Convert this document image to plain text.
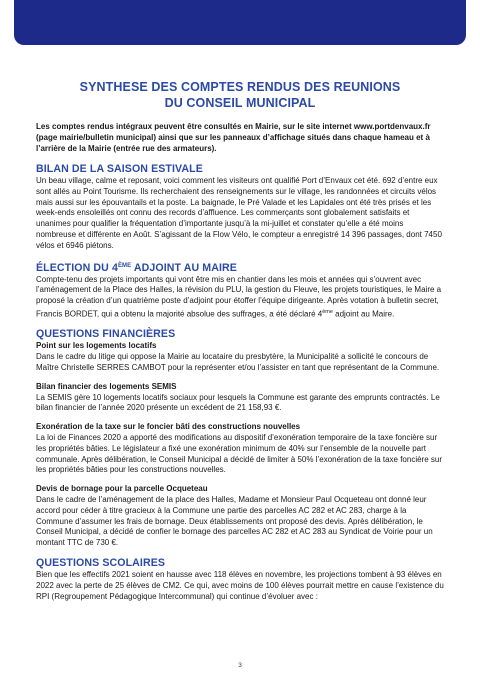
SYNTHESE DES COMPTES RENDUS DES REUNIONS
DU CONSEIL MUNICIPAL

Les comptes rendus intégraux peuvent être consultés en Mairie, sur le site internet www.portdenvaux.fr (page mairie/bulletin municipal) ainsi que sur les panneaux d’affichage situés dans chaque hameau et à l’arrière de la Mairie (entrée rue des armateurs).

BILAN DE LA SAISON ESTIVALE

Un beau village, calme et reposant, voici comment les visiteurs ont qualifié Port d’Envaux cet été. 692 d’entre eux sont allés au Point Tourisme. Ils recherchaient des renseignements sur le village, les randonnées et circuits vélos mais aussi sur les épouvantails et la poste. La baignade, le Pré Valade et les Lapidales ont été très prisés et les week-ends ensoleillés ont connu des records d’affluence. Les commerçants sont globalement satisfaits et unanimes pour qualifier la fréquentation d’importante jusqu’à la mi-juillet et constater qu’elle a été moins nombreuse et différente en Août. S’agissant de la Flow Vélo, le compteur a enregistré 14 396 passages, dont 7450 vélos et 6946 piétons.

ÉLECTION DU 4ÈME ADJOINT AU MAIRE

Compte-tenu des projets importants qui vont être mis en chantier dans les mois et années qui s’ouvrent avec l’aménagement de la Place des Halles, la révision du PLU, la gestion du Fleuve, les projets touristiques, le Maire a proposé la création d’un quatrième poste d’adjoint pour étoffer l’équipe dirigeante. Après votation à bulletin secret, Francis BORDET, qui a obtenu la majorité absolue des suffrages, a été déclaré 4ème adjoint au Maire.

QUESTIONS FINANCIÈRES
Point sur les logements locatifs

Dans le cadre du litige qui oppose la Mairie au locataire du presbytère, la Municipalité a sollicité le concours de Maître Christelle SERRES CAMBOT pour la représenter et/ou l’assister en tant que représentant de la Commune.

Bilan financier des logements SEMIS

La SEMIS gère 10 logements locatifs sociaux pour lesquels la Commune est garante des emprunts contractés. Le bilan financier de l’année 2020 présente un excédent de 21 158,93 €.

Exonération de la taxe sur le foncier bâti des constructions nouvelles

La loi de Finances 2020 a apporté des modifications au dispositif d’exonération temporaire de la taxe foncière sur les propriétés bâties. Le législateur a fixé une exonération minimum de 40% sur l’ensemble de la nouvelle part communale. Après délibération, le Conseil Municipal a décidé de limiter à 50% l’exonération de la taxe foncière sur les propriétés bâties pour les constructions nouvelles.

Devis de bornage pour la parcelle Ocqueteau

Dans le cadre de l’aménagement de la place des Halles, Madame et Monsieur Paul Ocqueteau ont donné leur accord pour céder à titre gracieux à la Commune une partie des parcelles AC 282 et AC 283, charge à la Commune d’assumer les frais de bornage. Deux établissements ont proposé des devis. Après délibération, le Conseil Municipal, a décidé de confier le bornage des parcelles AC 282 et AC 283 au Syndicat de Voirie pour un montant TTC de 730 €.

QUESTIONS SCOLAIRES

Bien que les effectifs 2021 soient en hausse avec 118 élèves en novembre, les projections tombent à 93 élèves en 2022 avec la perte de 25 élèves de CM2. Ce qui, avec moins de 100 élèves pourrait mettre en cause l’existence du RPI (Regroupement Pédagogique Intercommunal) qui continue d’évoluer avec :

3
